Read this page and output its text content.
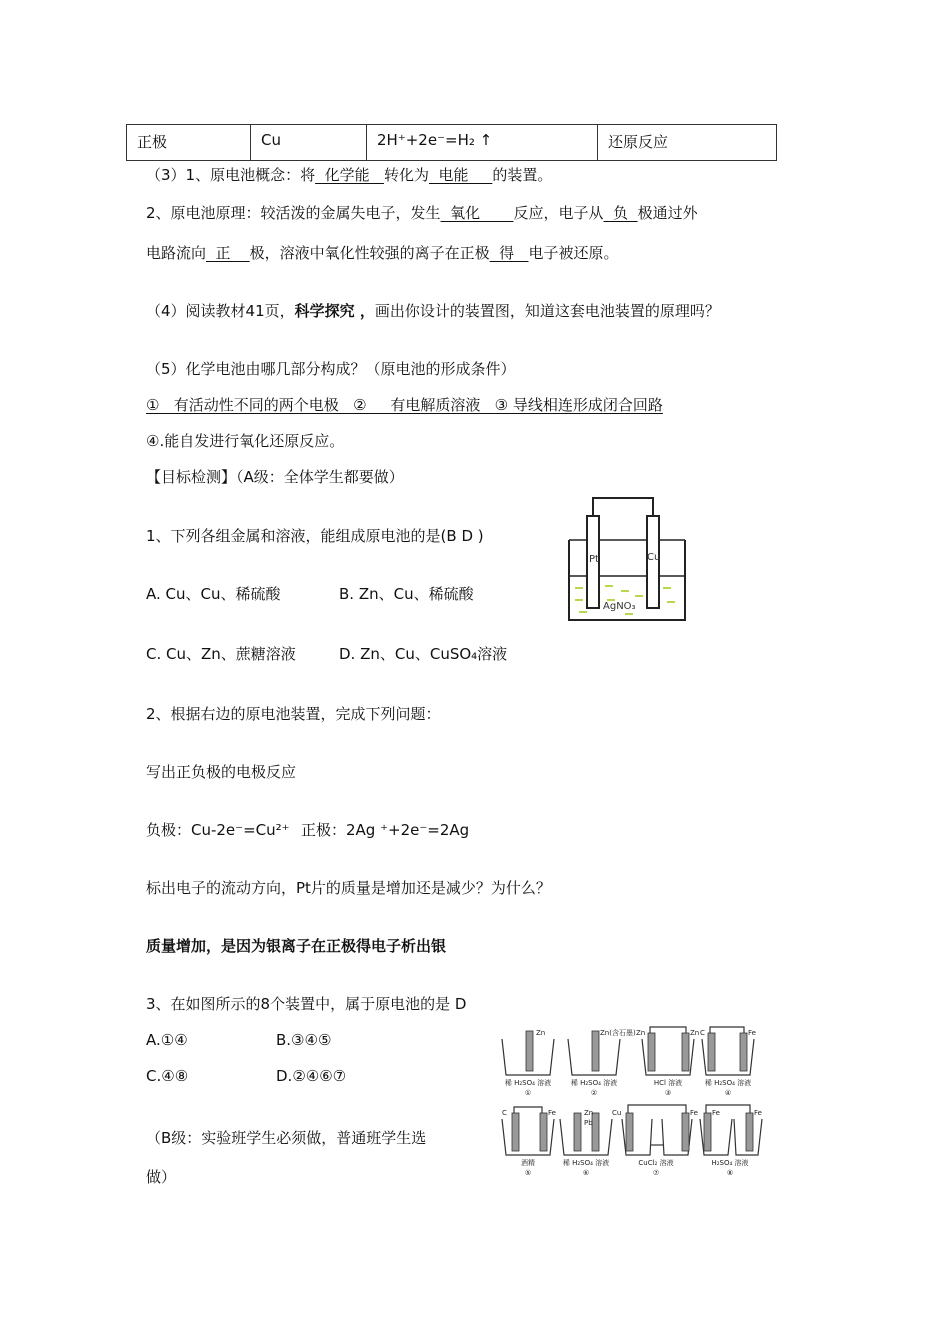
正极	Cu	2H⁺+2e⁻=H₂ ↑	还原反应
（3）1、原电池概念：将  化学能   转化为  电能     的装置。
2、原电池原理：较活泼的金属失电子，发生  氧化       反应，电子从  负  极通过外
电路流向  正    极，溶液中氧化性较强的离子在正极  得   电子被还原。
（4）阅读教材41页，科学探究 ，画出你设计的装置图，知道这套电池装置的原理吗？
（5）化学电池由哪几部分构成？（原电池的形成条件）
①   有活动性不同的两个电极   ②     有电解质溶液   ③ 导线相连形成闭合回路
④.能自发进行氧化还原反应。
【目标检测】（A级：全体学生都要做）
1、下列各组金属和溶液，能组成原电池的是(B D )
A. Cu、Cu、稀硫酸	B. Zn、Cu、稀硫酸
C. Cu、Zn、蔗糖溶液	D. Zn、Cu、CuSO₄溶液
Pt	Cu
AgNO₃
2、根据右边的原电池装置，完成下列问题：
写出正负极的电极反应
负极：Cu-2e⁻=Cu²⁺ 正极：2Ag ⁺+2e⁻=2Ag
标出电子的流动方向，Pt片的质量是增加还是减少？为什么？
质量增加，是因为银离子在正极得电子析出银
3、在如图所示的8个装置中，属于原电池的是 D
A.①④	B.③④⑤
C.④⑧	D.②④⑥⑦
（B级：实验班学生必须做，普通班学生选
做）
Zn	Zn(含石墨) Zn	Zn C	Fe
C	Fe	Zn
Pb
Cu	Fe Fe	Fe
稀 H₂SO₄ 溶液	稀 H₂SO₄ 溶液	HCl 溶液	稀 H₂SO₄ 溶液
酒精	稀 H₂SO₄ 溶液	CuCl₂ 溶液	H₂SO₄ 溶液
①	②	③	④
⑤	⑥	⑦	⑧
